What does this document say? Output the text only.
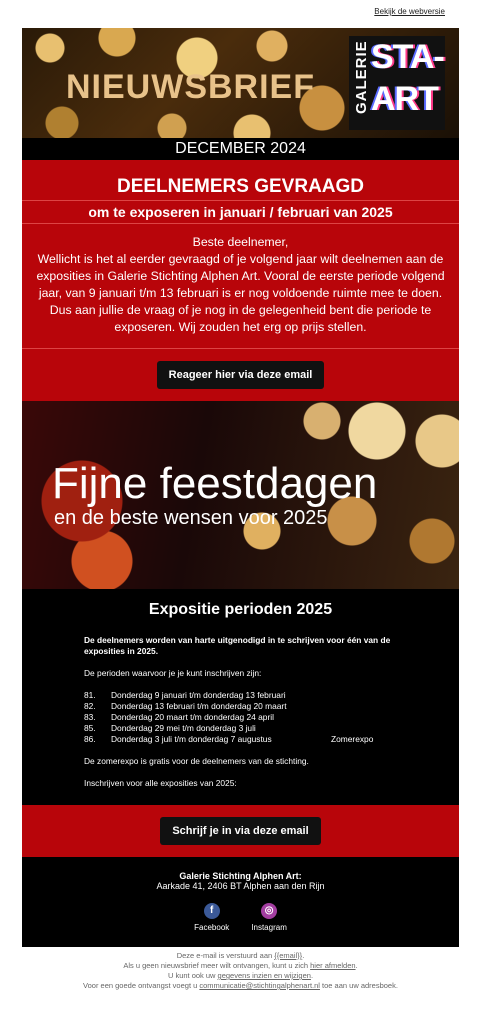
Bekijk de webversie
NIEUWSBRIEF	GALERIE STA-
ART
DECEMBER 2024
DEELNEMERS GEVRAAGD
om te exposeren in januari / februari van 2025
Beste deelnemer,
Wellicht is het al eerder gevraagd of je volgend jaar wilt deelnemen aan de exposities in Galerie Stichting Alphen Art. Vooral de eerste periode volgend jaar, van 9 januari t/m 13 februari is er nog voldoende ruimte mee te doen. Dus aan jullie de vraag of je nog in de gelegenheid bent die periode te exposeren. Wij zouden het erg op prijs stellen.
Reageer hier via deze email
Fijne feestdagen
en de beste wensen voor 2025
Expositie perioden 2025

De deelnemers worden van harte uitgenodigd in te schrijven voor één van de exposities in 2025.

De perioden waarvoor je je kunt inschrijven zijn:

81.	Donderdag 9 januari t/m donderdag 13 februari
82.	Donderdag 13 februari t/m donderdag 20 maart
83.	Donderdag 20 maart t/m donderdag 24 april
85.	Donderdag 29 mei t/m donderdag 3 juli
86.	Donderdag 3 juli t/m donderdag 7 augustus	Zomerexpo

De zomerexpo is gratis voor de deelnemers van de stichting.

Inschrijven voor alle exposities van 2025:

Schrijf je in via deze email
Galerie Stichting Alphen Art:
Aarkade 41, 2406 BT Alphen aan den Rijn
f
Facebook
◎
Instagram
Deze e-mail is verstuurd aan {{email}}.
Als u geen nieuwsbrief meer wilt ontvangen, kunt u zich hier afmelden.
U kunt ook uw gegevens inzien en wijzigen.
Voor een goede ontvangst voegt u communicatie@stichtingalphenart.nl toe aan uw adresboek.
